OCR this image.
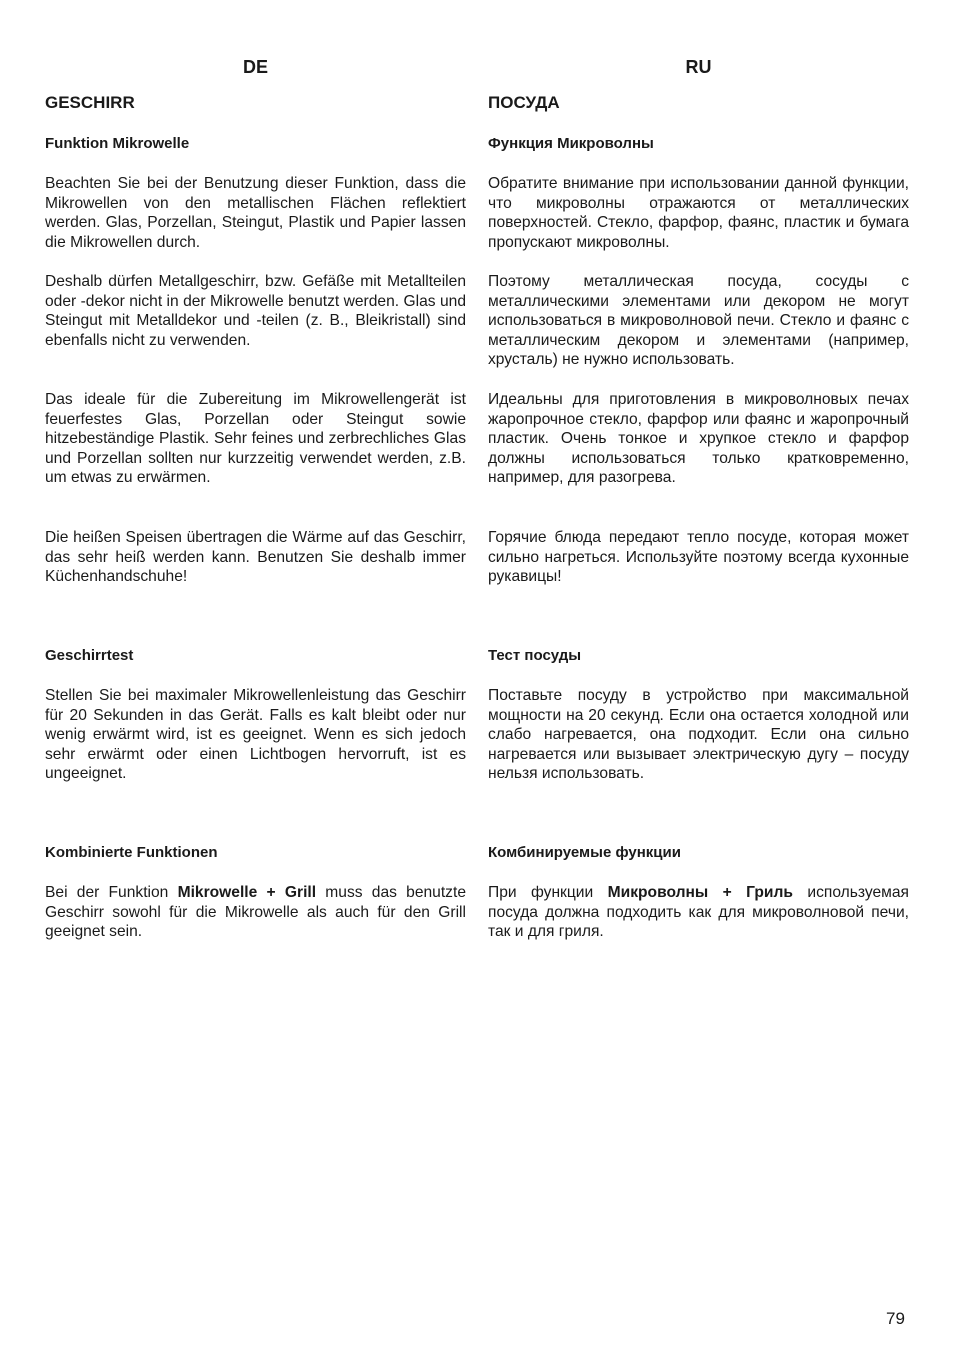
DE
GESCHIRR
Funktion Mikrowelle
Beachten Sie bei der Benutzung dieser Funktion, dass die Mikrowellen von den metallischen Flächen reflektiert werden. Glas, Porzellan, Steingut, Plastik und Papier lassen die Mikrowellen durch.
Deshalb dürfen Metallgeschirr, bzw. Gefäße mit Metallteilen oder -dekor nicht in der Mikrowelle benutzt werden. Glas und Steingut mit Metalldekor und -teilen (z. B., Bleikristall) sind ebenfalls nicht zu verwenden.
Das ideale für die Zubereitung im Mikrowellengerät ist feuerfestes Glas, Porzellan oder Steingut sowie hitzebeständige Plastik. Sehr feines und zerbrechliches Glas und Porzellan sollten nur kurzzeitig verwendet werden, z.B. um etwas zu erwärmen.
Die heißen Speisen übertragen die Wärme auf das Geschirr, das sehr heiß werden kann. Benutzen Sie deshalb immer Küchenhandschuhe!
Geschirrtest
Stellen Sie bei maximaler Mikrowellenleistung das Geschirr für 20 Sekunden in das Gerät. Falls es kalt bleibt oder nur wenig erwärmt wird, ist es geeignet. Wenn es sich jedoch sehr erwärmt oder einen Lichtbogen hervorruft, ist es ungeeignet.
Kombinierte Funktionen
Bei der Funktion Mikrowelle + Grill muss das benutzte Geschirr sowohl für die Mikrowelle als auch für den Grill geeignet sein.
RU
ПОСУДА
Функция Микроволны
Обратите внимание при использовании данной функции, что микроволны отражаются от металлических поверхностей. Стекло, фарфор, фаянс, пластик и бумага пропускают микроволны.
Поэтому металлическая посуда, сосуды с металлическими элементами или декором не могут использоваться в микроволновой печи. Стекло и фаянс с металлическим декором и элементами (например, хрусталь) не нужно использовать.
Идеальны для приготовления в микроволновых печах жаропрочное стекло, фарфор или фаянс и жаропрочный пластик. Очень тонкое и хрупкое стекло и фарфор должны использоваться только кратковременно, например, для разогрева.
Горячие блюда передают тепло посуде, которая может сильно нагреться. Используйте поэтому всегда кухонные рукавицы!
Тест посуды
Поставьте посуду в устройство при максимальной мощности на 20 секунд. Если она остается холодной или слабо нагревается, она подходит. Если она сильно нагревается или вызывает электрическую дугу – посуду нельзя использовать.
Комбинируемые функции
При функции Микроволны + Гриль используемая посуда должна подходить как для микроволновой печи, так и для гриля.
79
